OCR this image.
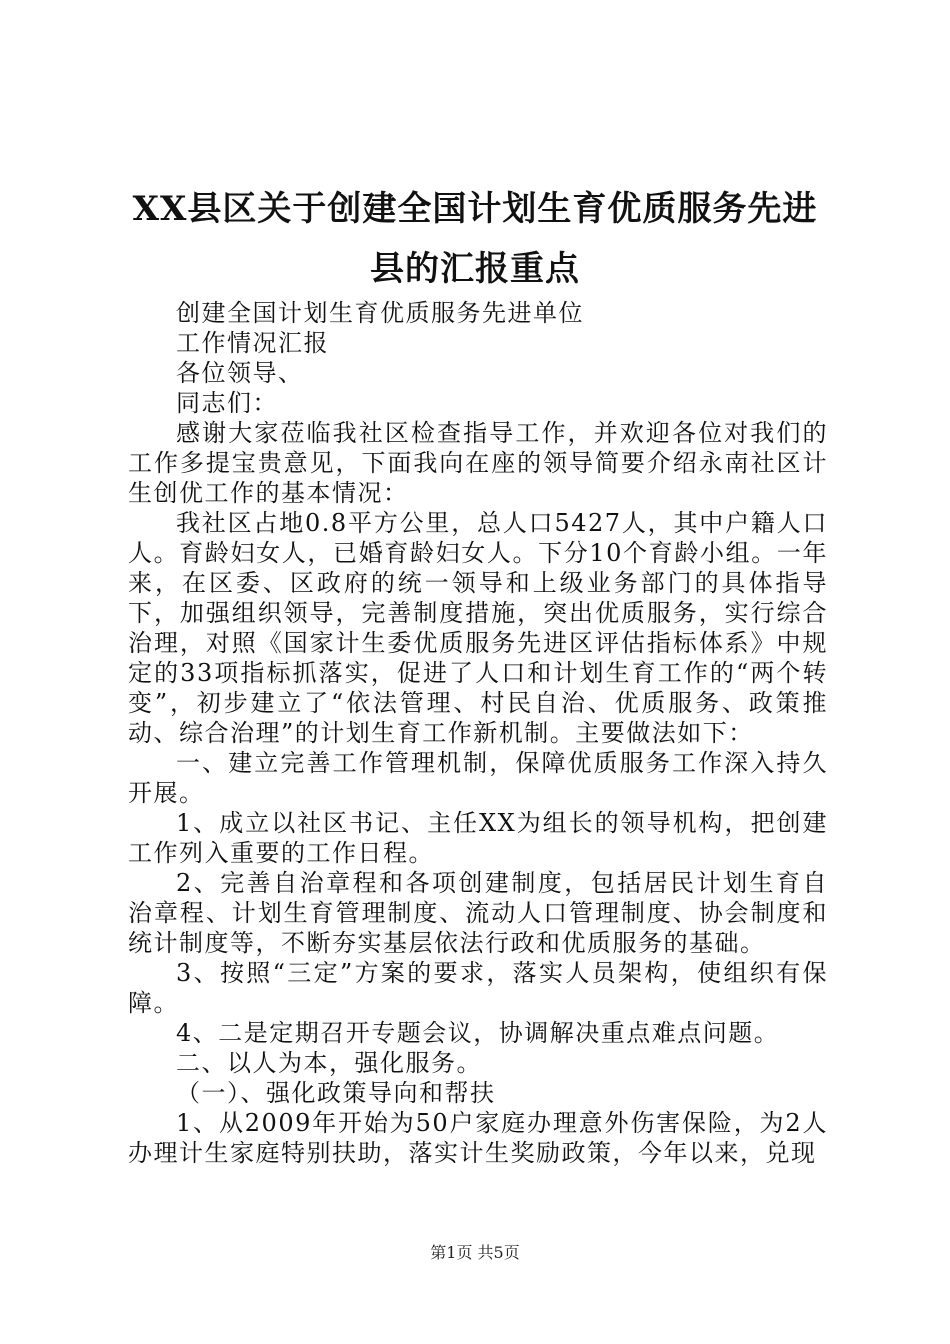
XX县区关于创建全国计划生育优质服务先进
县的汇报重点

创建全国计划生育优质服务先进单位

工作情况汇报

各位领导、

同志们：

感谢大家莅临我社区检查指导工作，并欢迎各位对我们的工作多提宝贵意见，下面我向在座的领导简要介绍永南社区计生创优工作的基本情况：

我社区占地0.8平方公里，总人口5427人，其中户籍人口人。育龄妇女人，已婚育龄妇女人。下分10个育龄小组。一年来，在区委、区政府的统一领导和上级业务部门的具体指导下，加强组织领导，完善制度措施，突出优质服务，实行综合治理，对照《国家计生委优质服务先进区评估指标体系》中规定的33项指标抓落实，促进了人口和计划生育工作的“两个转变”，初步建立了“依法管理、村民自治、优质服务、政策推动、综合治理”的计划生育工作新机制。主要做法如下：

一、建立完善工作管理机制，保障优质服务工作深入持久开展。

1、成立以社区书记、主任XX为组长的领导机构，把创建工作列入重要的工作日程。

2、完善自治章程和各项创建制度，包括居民计划生育自治章程、计划生育管理制度、流动人口管理制度、协会制度和统计制度等，不断夯实基层依法行政和优质服务的基础。

3、按照“三定”方案的要求，落实人员架构，使组织有保障。

4、二是定期召开专题会议，协调解决重点难点问题。

二、以人为本，强化服务。

（一）、强化政策导向和帮扶

1、从2009年开始为50户家庭办理意外伤害保险，为2人办理计生家庭特别扶助，落实计生奖励政策，今年以来，兑现

第1页 共5页
